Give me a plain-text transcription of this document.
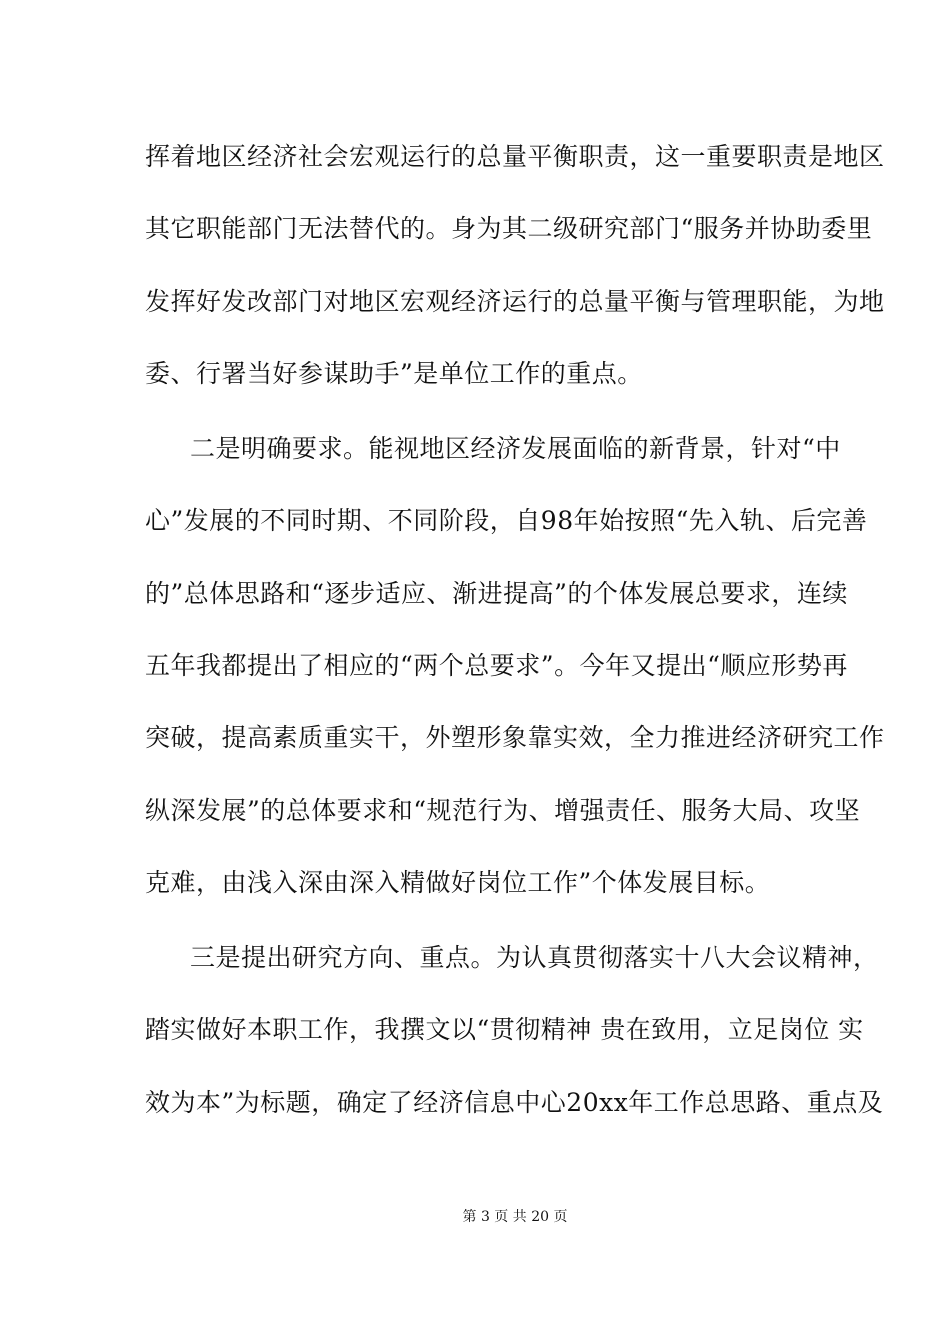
挥着地区经济社会宏观运行的总量平衡职责，这一重要职责是地区
其它职能部门无法替代的。身为其二级研究部门“服务并协助委里
发挥好发改部门对地区宏观经济运行的总量平衡与管理职能，为地
委、行署当好参谋助手”是单位工作的重点。
二是明确要求。能视地区经济发展面临的新背景，针对“中
心”发展的不同时期、不同阶段，自98年始按照“先入轨、后完善
的”总体思路和“逐步适应、渐进提高”的个体发展总要求，连续
五年我都提出了相应的“两个总要求”。今年又提出“顺应形势再
突破，提高素质重实干，外塑形象靠实效，全力推进经济研究工作
纵深发展”的总体要求和“规范行为、增强责任、服务大局、攻坚
克难，由浅入深由深入精做好岗位工作”个体发展目标。
三是提出研究方向、重点。为认真贯彻落实十八大会议精神，
踏实做好本职工作，我撰文以“贯彻精神 贵在致用，立足岗位 实
效为本”为标题，确定了经济信息中心20xx年工作总思路、重点及
第 3 页 共 20 页
